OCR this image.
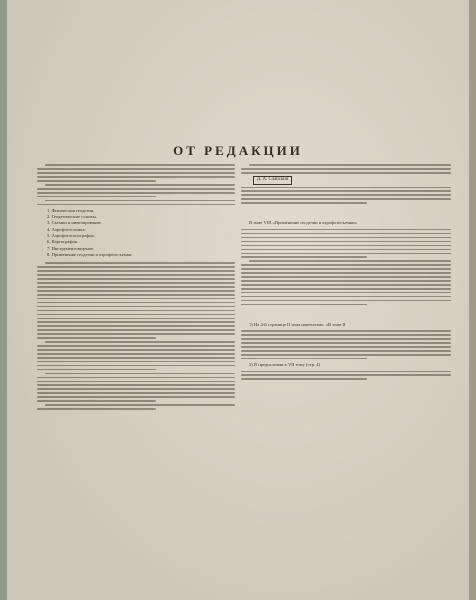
ОТ РЕДАКЦИИ
1. Физическая геодезия.
2. Геодезические основы.
3. Съемки и нивелирование.
4. Аэрофотосъемка.
5. Аэрофототопография.
6. Картография.
7. Инструментоведение.
8. Применение геодезии и аэрофотосъемки.
Д. А. Слабский
В томе VIII «Применение геодезии и аэрофотосъемки»
1) На 4-й странице II тома напечатано: «В томе II
2) В предисловии к VII тому (стр. 4)
